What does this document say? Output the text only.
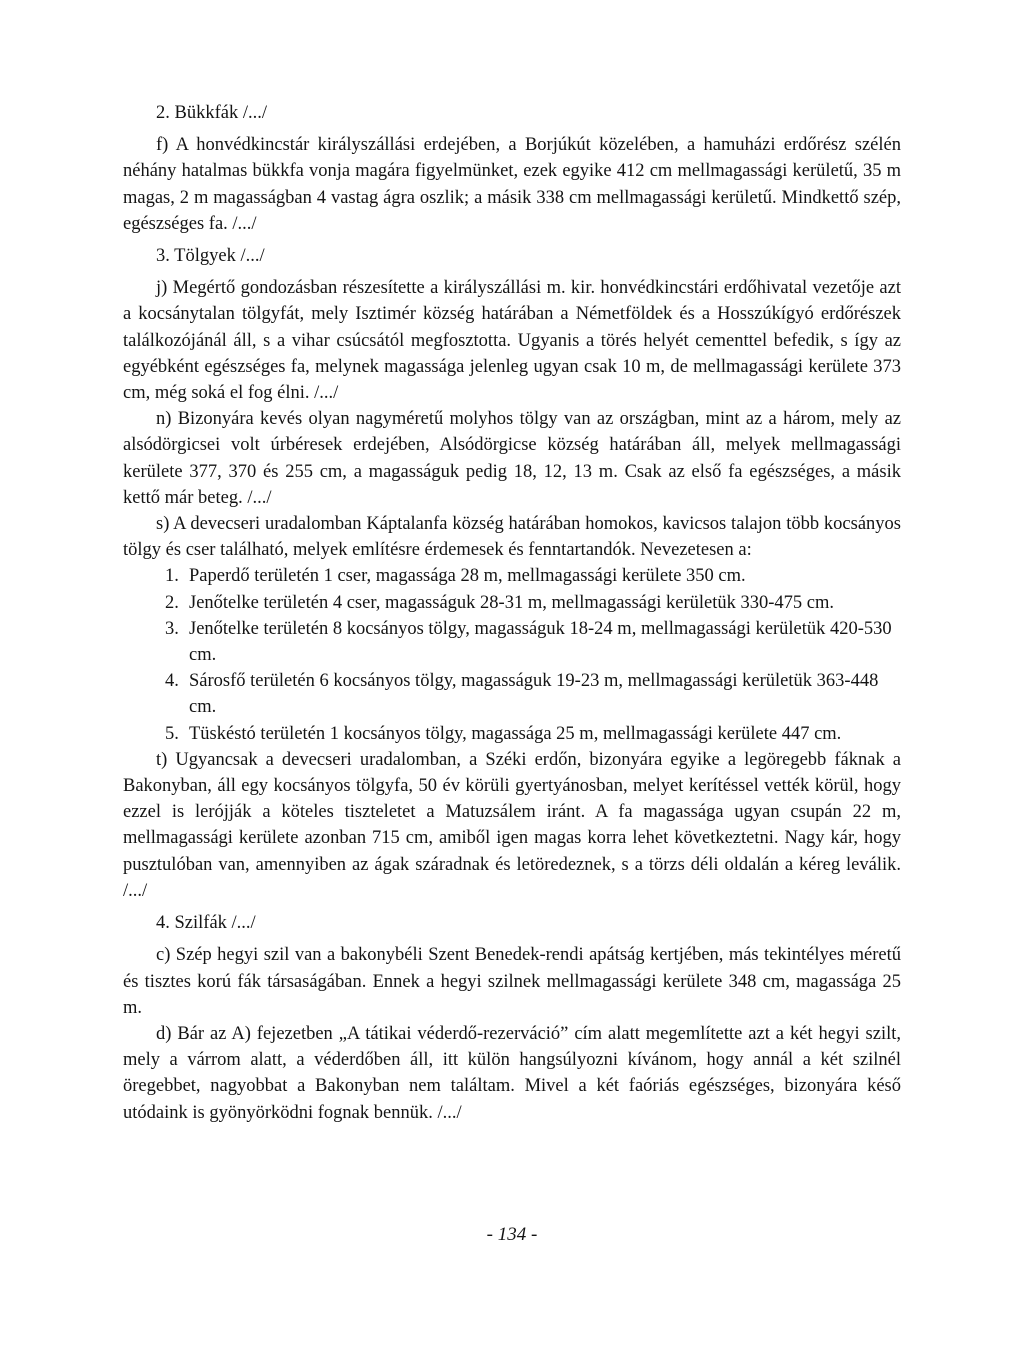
2. Bükkfák /.../

f) A honvédkincstár királyszállási erdejében, a Borjúkút közelében, a hamuházi erdőrész szélén néhány hatalmas bükkfa vonja magára figyelmünket, ezek egyike 412 cm mellmagassági kerületű, 35 m magas, 2 m magasságban 4 vastag ágra oszlik; a másik 338 cm mellmagassági kerületű. Mindkettő szép, egészséges fa. /.../

3. Tölgyek /.../

j) Megértő gondozásban részesítette a királyszállási m. kir. honvédkincstári erdőhivatal vezetője azt a kocsánytalan tölgyfát, mely Isztimér község határában a Németföldek és a Hosszúkígyó erdőrészek találkozójánál áll, s a vihar csúcsától megfosztotta. Ugyanis a törés helyét cementtel befedik, s így az egyébként egészséges fa, melynek magassága jelenleg ugyan csak 10 m, de mellmagassági kerülete 373 cm, még soká el fog élni. /.../

n) Bizonyára kevés olyan nagyméretű molyhos tölgy van az országban, mint az a három, mely az alsódörgicsei volt úrbéresek erdejében, Alsódörgicse község határában áll, melyek mellmagassági kerülete 377, 370 és 255 cm, a magasságuk pedig 18, 12, 13 m. Csak az első fa egészséges, a másik kettő már beteg. /.../

s) A devecseri uradalomban Káptalanfa község határában homokos, kavicsos talajon több kocsányos tölgy és cser található, melyek említésre érdemesek és fenntartandók. Nevezetesen a:

1. Paperdő területén 1 cser, magassága 28 m, mellmagassági kerülete 350 cm.
2. Jenőtelke területén 4 cser, magasságuk 28-31 m, mellmagassági kerületük 330-475 cm.
3. Jenőtelke területén 8 kocsányos tölgy, magasságuk 18-24 m, mellmagassági kerületük 420-530 cm.
4. Sárosfő területén 6 kocsányos tölgy, magasságuk 19-23 m, mellmagassági kerületük 363-448 cm.
5. Tüskéstó területén 1 kocsányos tölgy, magassága 25 m, mellmagassági kerülete 447 cm.

t) Ugyancsak a devecseri uradalomban, a Széki erdőn, bizonyára egyike a legöregebb fáknak a Bakonyban, áll egy kocsányos tölgyfa, 50 év körüli gyertyánosban, melyet kerítéssel vették körül, hogy ezzel is lerójják a köteles tiszteletet a Matuzsálem iránt. A fa magassága ugyan csupán 22 m, mellmagassági kerülete azonban 715 cm, amiből igen magas korra lehet következtetni. Nagy kár, hogy pusztulóban van, amennyiben az ágak száradnak és letöredeznek, s a törzs déli oldalán a kéreg leválik. /.../

4. Szilfák /.../

c) Szép hegyi szil van a bakonybéli Szent Benedek-rendi apátság kertjében, más tekintélyes méretű és tisztes korú fák társaságában. Ennek a hegyi szilnek mellmagassági kerülete 348 cm, magassága 25 m.

d) Bár az A) fejezetben „A tátikai véderdő-rezerváció” cím alatt megemlítette azt a két hegyi szilt, mely a várrom alatt, a véderdőben áll, itt külön hangsúlyozni kívánom, hogy annál a két szilnél öregebbet, nagyobbat a Bakonyban nem találtam. Mivel a két faóriás egészséges, bizonyára késő utódaink is gyönyörködni fognak bennük. /.../

- 134 -
